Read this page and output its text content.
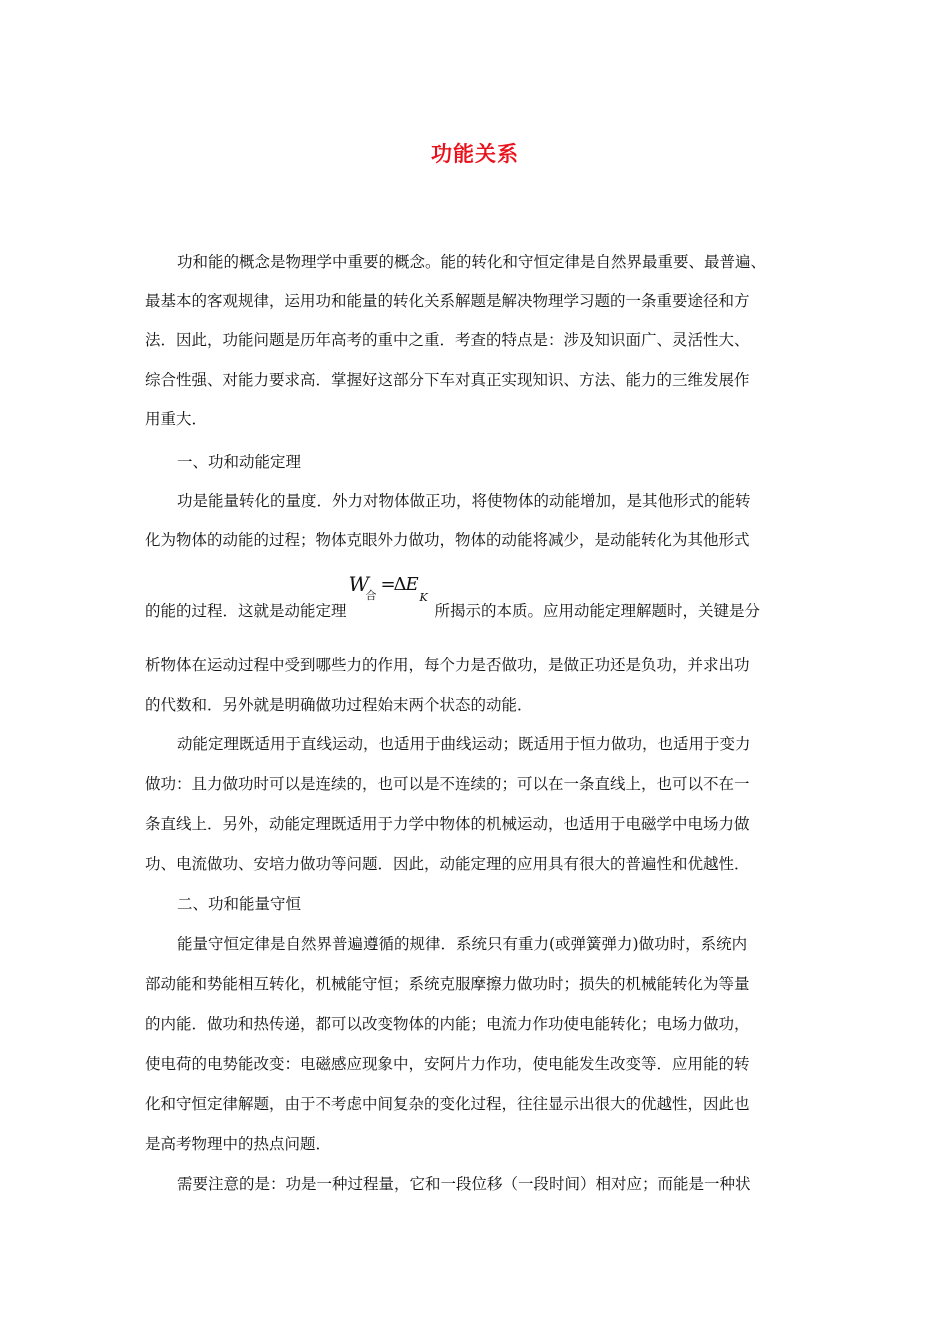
功能关系
功和能的概念是物理学中重要的概念。能的转化和守恒定律是自然界最重要、最普遍、
最基本的客观规律，运用功和能量的转化关系解题是解决物理学习题的一条重要途径和方
法．因此，功能问题是历年高考的重中之重．考查的特点是：涉及知识面广、灵活性大、
综合性强、对能力要求高．掌握好这部分下车对真正实现知识、方法、能力的三维发展作
用重大．
一、功和动能定理
功是能量转化的量度．外力对物体做正功，将使物体的动能增加，是其他形式的能转
化为物体的动能的过程；物体克眼外力做功，物体的动能将减少，是动能转化为其他形式
的能的过程．这就是动能定理
W
合
=
Δ E
K
所揭示的本质。应用动能定理解题时，关键是分
析物体在运动过程中受到哪些力的作用，每个力是否做功，是做正功还是负功，并求出功
的代数和．另外就是明确做功过程始末两个状态的动能．
动能定理既适用于直线运动，也适用于曲线运动；既适用于恒力做功，也适用于变力
做功：且力做功时可以是连续的，也可以是不连续的；可以在一条直线上，也可以不在一
条直线上．另外，动能定理既适用于力学中物体的机械运动，也适用于电磁学中电场力做
功、电流做功、安培力做功等问题．因此，动能定理的应用具有很大的普遍性和优越性．
二、功和能量守恒
能量守恒定律是自然界普遍遵循的规律．系统只有重力(或弹簧弹力)做功时，系统内
部动能和势能相互转化，机械能守恒；系统克服摩擦力做功时；损失的机械能转化为等量
的内能．做功和热传递，都可以改变物体的内能；电流力作功使电能转化；电场力做功，
使电荷的电势能改变：电磁感应现象中，安阿片力作功，使电能发生改变等．应用能的转
化和守恒定律解题，由于不考虑中间复杂的变化过程，往往显示出很大的优越性，因此也
是高考物理中的热点问题．
需要注意的是：功是一种过程量，它和一段位移（一段时间）相对应；而能是一种状
